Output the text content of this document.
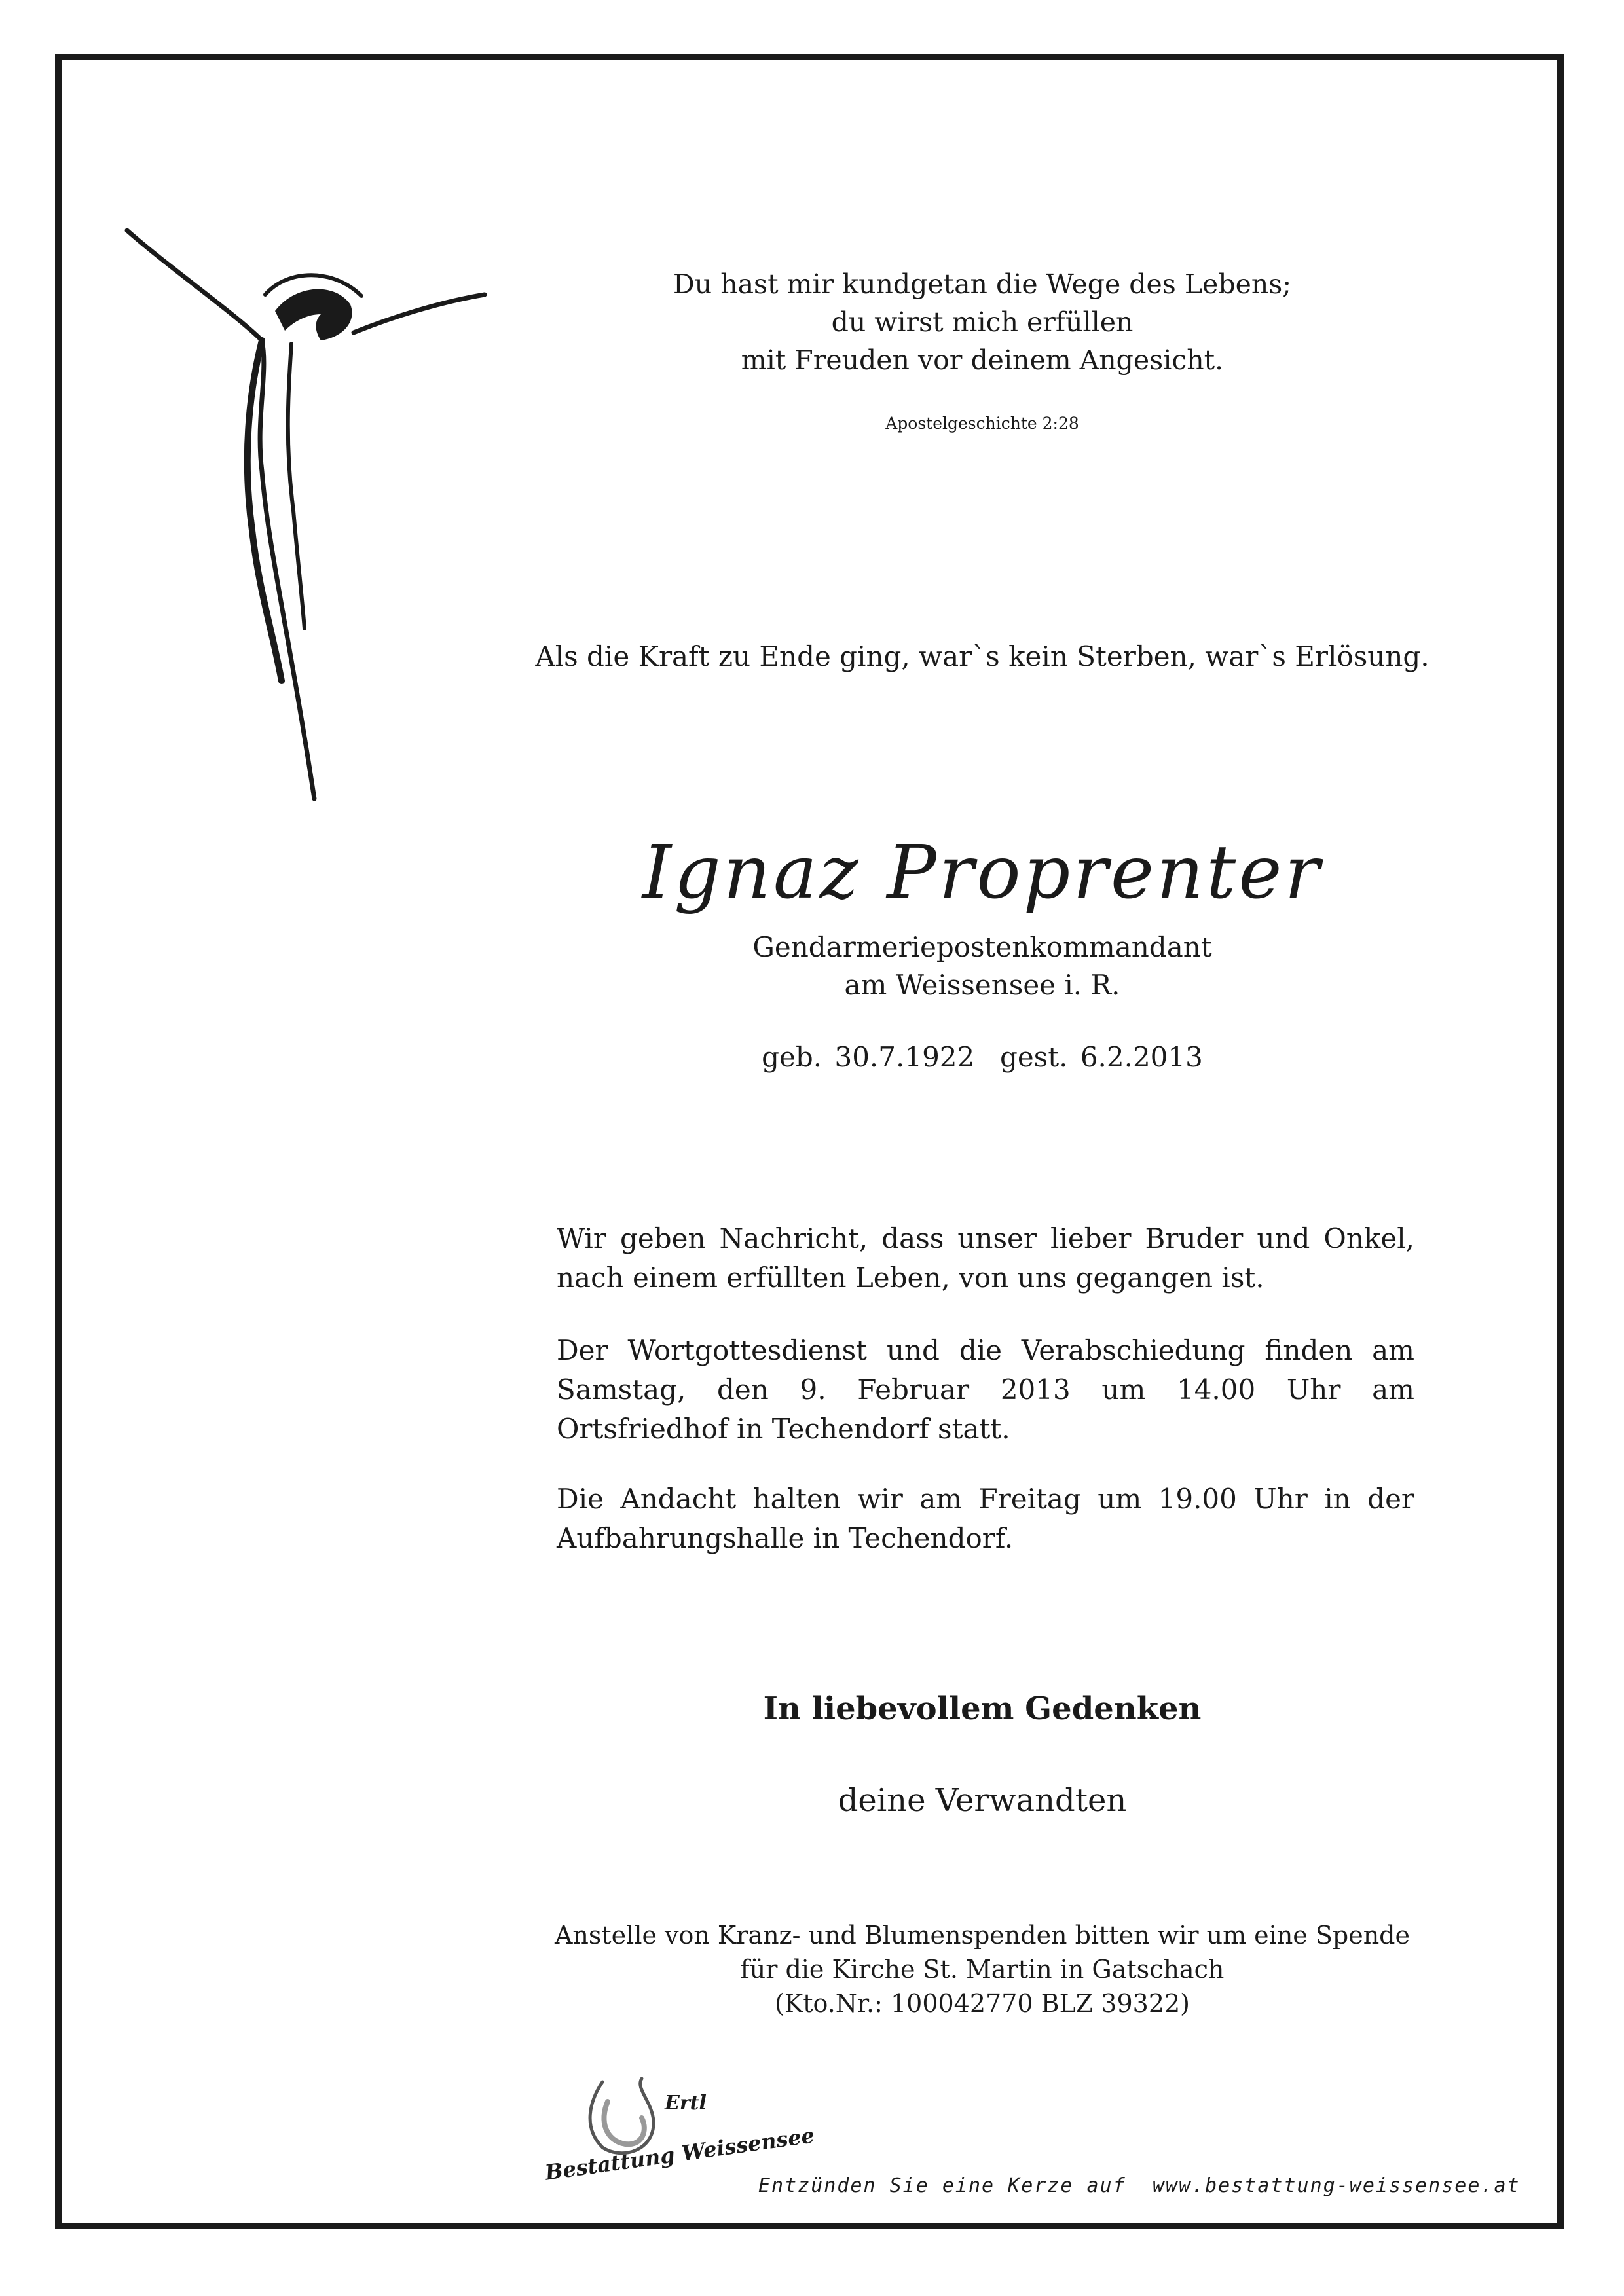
Du hast mir kundgetan die Wege des Lebens;
du wirst mich erfüllen
mit Freuden vor deinem Angesicht.
Apostelgeschichte 2:28
Als die Kraft zu Ende ging, war`s kein Sterben, war`s Erlösung.
Ignaz Proprenter
Gendarmeriepostenkommandant
am Weissensee i. R.
geb. 30.7.1922  gest. 6.2.2013
Wir geben Nachricht, dass unser lieber Bruder und Onkel, nach einem erfüllten Leben, von uns gegangen ist.
Der Wortgottesdienst und die Verabschiedung finden am Samstag, den 9. Februar 2013 um 14.00 Uhr am Ortsfriedhof in Techendorf statt.
Die Andacht halten wir am Freitag um 19.00 Uhr in der Aufbahrungshalle in Techendorf.
In liebevollem Gedenken
deine Verwandten
Anstelle von Kranz- und Blumenspenden bitten wir um eine Spende
für die Kirche St. Martin in Gatschach
(Kto.Nr.: 100042770 BLZ 39322)
Ertl
Bestattung Weissensee
Entzünden Sie eine Kerze auf  www.bestattung-weissensee.at
